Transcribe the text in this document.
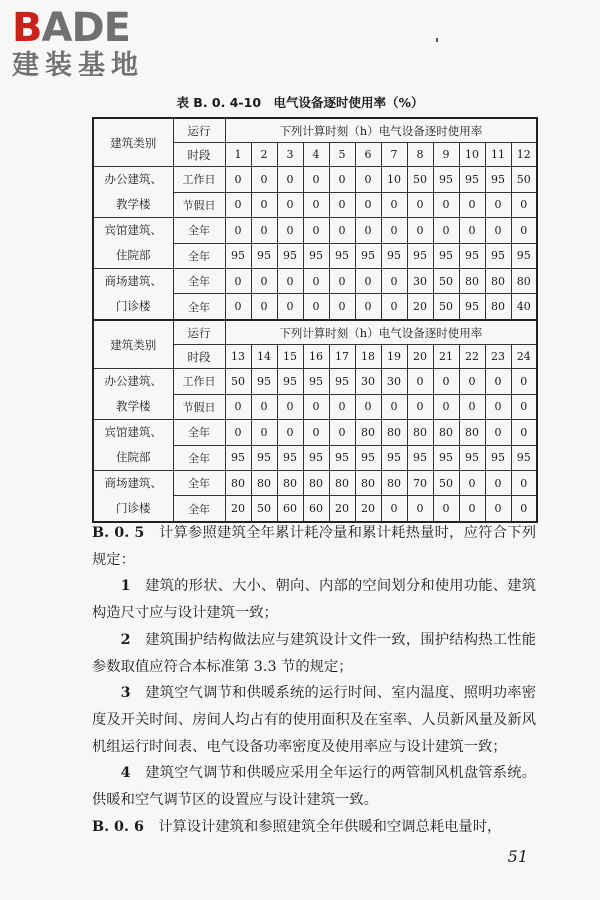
BADE
建装基地
表 B. 0. 4-10　电气设备逐时使用率（%）
建筑类别	运行	下列计算时刻（h）电气设备逐时使用率											
	时段	1	2	3	4	5	6	7	8	9	10	11	12

办公建筑、
教学楼	工作日	0	0	0	0	0	0	10	50	95	95	95	50
	节假日	0	0	0	0	0	0	0	0	0	0	0	0

宾馆建筑、
住院部	全年	0	0	0	0	0	0	0	0	0	0	0	0
	全年	95	95	95	95	95	95	95	95	95	95	95	95

商场建筑、
门诊楼	全年	0	0	0	0	0	0	0	30	50	80	80	80
	全年	0	0	0	0	0	0	0	20	50	95	80	40
建筑类别	运行	下列计算时刻（h）电气设备逐时使用率											
	时段	13	14	15	16	17	18	19	20	21	22	23	24

办公建筑、
教学楼	工作日	50	95	95	95	95	30	30	0	0	0	0	0
	节假日	0	0	0	0	0	0	0	0	0	0	0	0

宾馆建筑、
住院部	全年	0	0	0	0	0	80	80	80	80	80	0	0
	全年	95	95	95	95	95	95	95	95	95	95	95	95

商场建筑、
门诊楼	全年	80	80	80	80	80	80	80	70	50	0	0	0
	全年	20	50	60	60	20	20	0	0	0	0	0	0

B. 0. 5　 计算参照建筑全年累计耗冷量和累计耗热量时，应符合下列规定：

1　 建筑的形状、大小、朝向、内部的空间划分和使用功能、建筑构造尺寸应与设计建筑一致；

2　 建筑围护结构做法应与建筑设计文件一致，围护结构热工性能参数取值应符合本标准第 3.3 节的规定；

3　 建筑空气调节和供暖系统的运行时间、室内温度、照明功率密度及开关时间、房间人均占有的使用面积及在室率、人员新风量及新风机组运行时间表、电气设备功率密度及使用率应与设计建筑一致；

4　 建筑空气调节和供暖应采用全年运行的两管制风机盘管系统。供暖和空气调节区的设置应与设计建筑一致。

B. 0. 6　 计算设计建筑和参照建筑全年供暖和空调总耗电量时，

51
